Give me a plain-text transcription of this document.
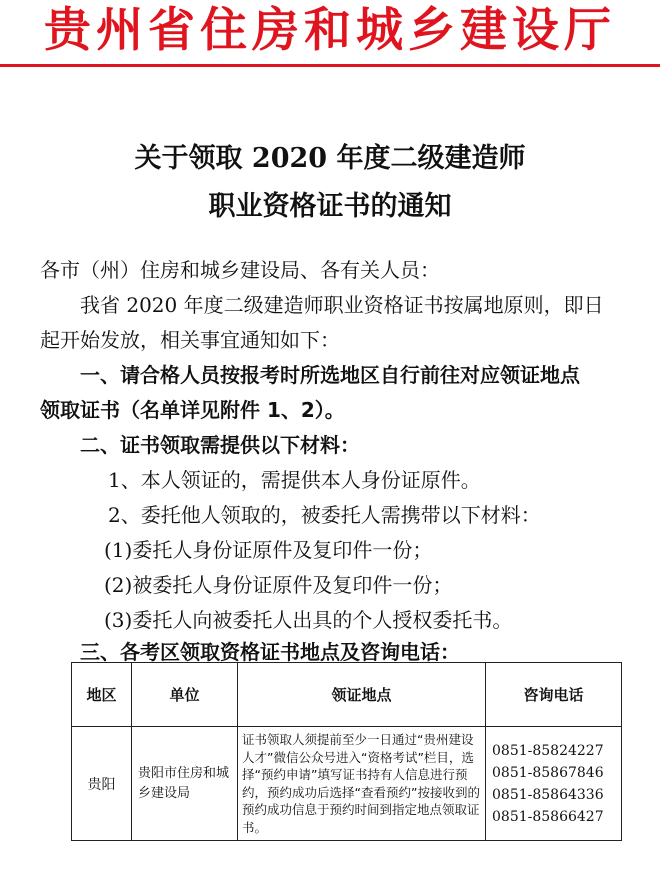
贵州省住房和城乡建设厅
关于领取 2020 年度二级建造师
职业资格证书的通知
各市（州）住房和城乡建设局、各有关人员：
我省 2020 年度二级建造师职业资格证书按属地原则，即日
起开始发放，相关事宜通知如下：
一、请合格人员按报考时所选地区自行前往对应领证地点
领取证书（名单详见附件 1、2）。
二、证书领取需提供以下材料：
1、本人领证的，需提供本人身份证原件。
2、委托他人领取的，被委托人需携带以下材料：
(1)委托人身份证原件及复印件一份；
(2)被委托人身份证原件及复印件一份；
(3)委托人向被委托人出具的个人授权委托书。
三、各考区领取资格证书地点及咨询电话：
地区	单位	领证地点	咨询电话
贵阳	贵阳市住房和城乡建设局	证书领取人须提前至少一日通过“贵州建设人才”微信公众号进入“资格考试”栏目，选择“预约申请”填写证书持有人信息进行预约，预约成功后选择“查看预约”按接收到的预约成功信息于预约时间到指定地点领取证书。	0851-85824227
0851-85867846
0851-85864336
0851-85866427
